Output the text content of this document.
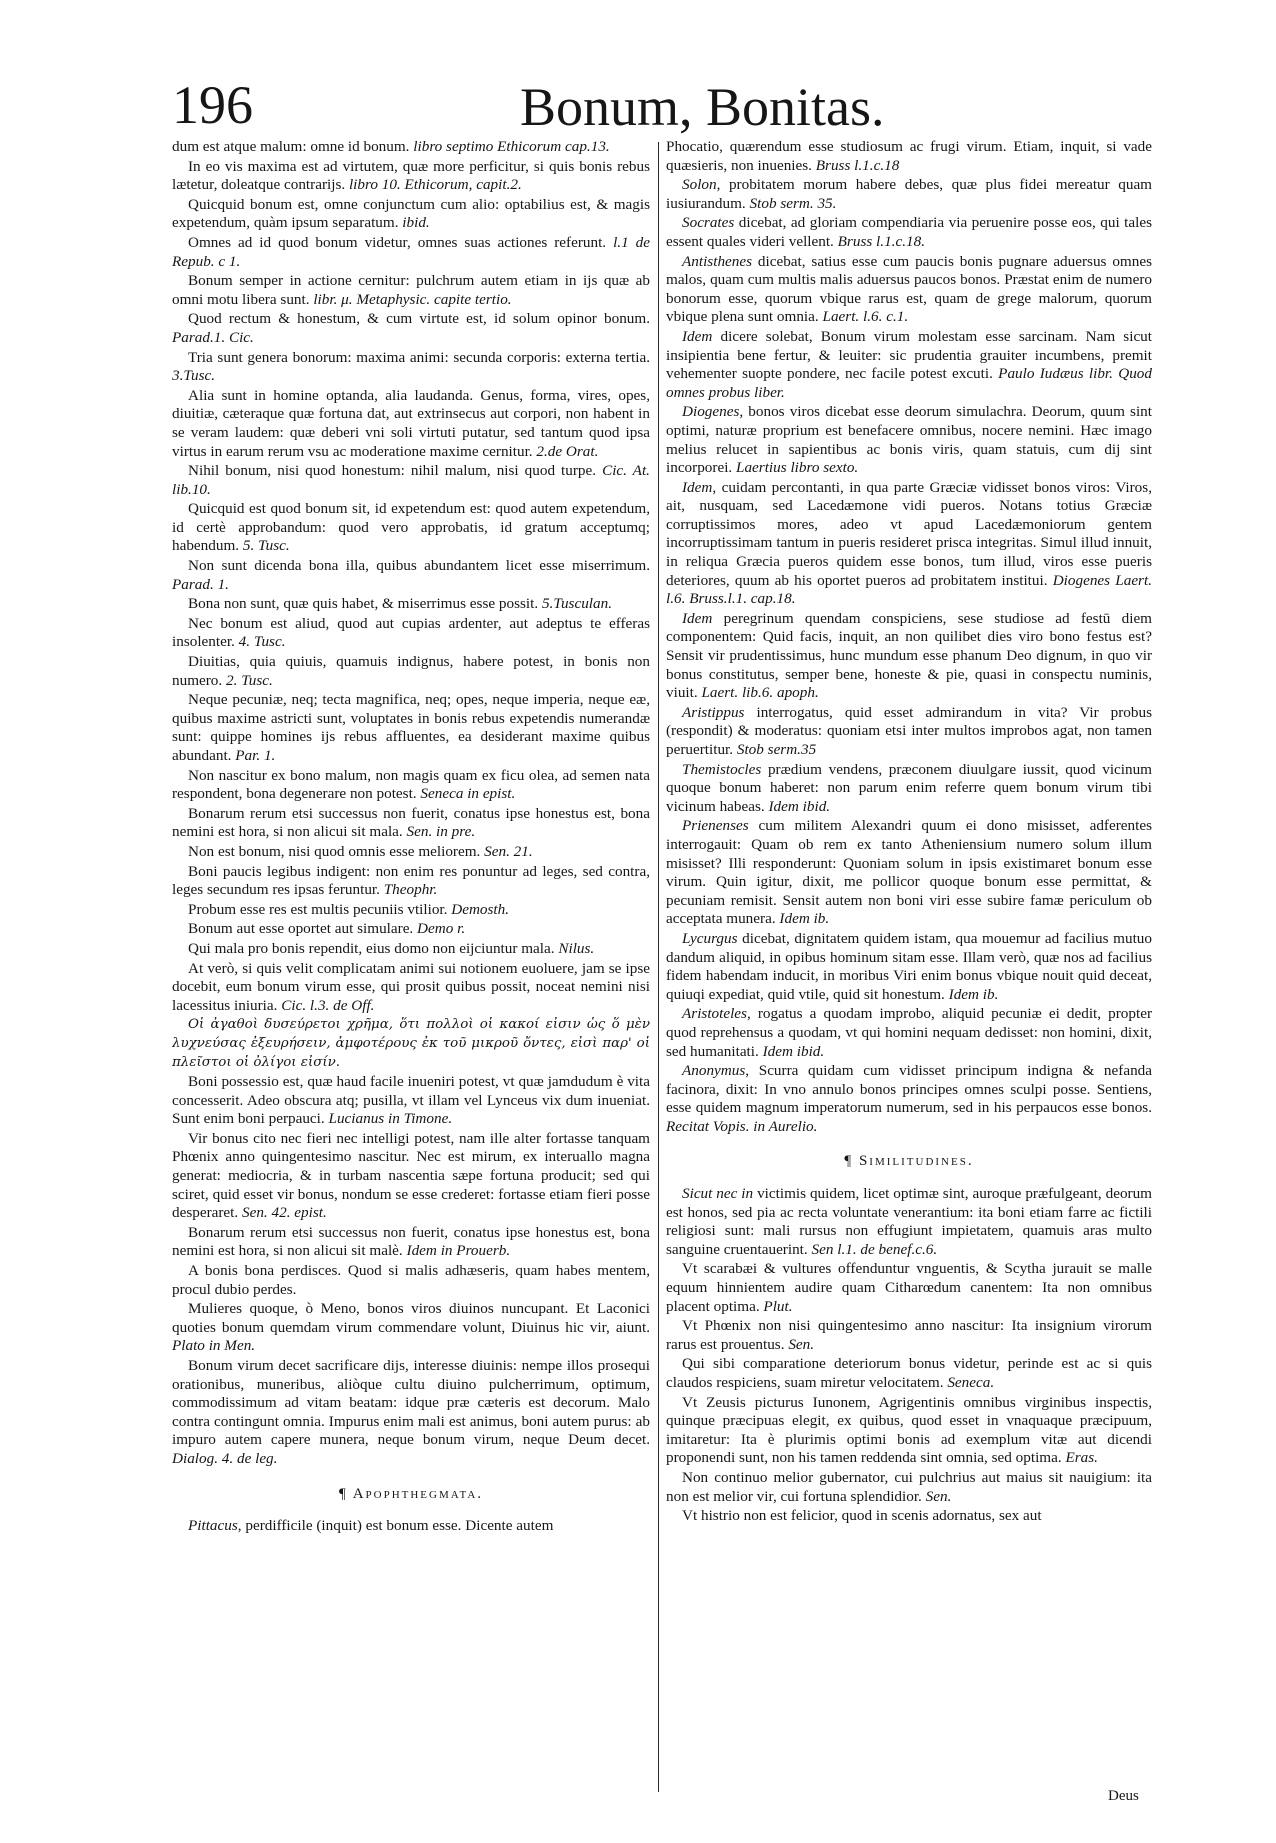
196	Bonum, Bonitas.

dum est atque malum: omne id bonum. libro septimo Ethicorum cap.13.

In eo vis maxima est ad virtutem, quæ more perficitur, si quis bonis rebus lætetur, doleatque contrarijs. libro 10. Ethicorum, capit.2.

Quicquid bonum est, omne conjunctum cum alio: optabilius est, & magis expetendum, quàm ipsum separatum. ibid.

Omnes ad id quod bonum videtur, omnes suas actiones referunt. l.1 de Repub. c 1.

Bonum semper in actione cernitur: pulchrum autem etiam in ijs quæ ab omni motu libera sunt. libr. μ. Metaphysic. capite tertio.

Quod rectum & honestum, & cum virtute est, id solum opinor bonum. Parad.1. Cic.

Tria sunt genera bonorum: maxima animi: secunda corporis: externa tertia. 3.Tusc.

Alia sunt in homine optanda, alia laudanda. Genus, forma, vires, opes, diuitiæ, cæteraque quæ fortuna dat, aut extrinsecus aut corpori, non habent in se veram laudem: quæ deberi vni soli virtuti putatur, sed tantum quod ipsa virtus in earum rerum vsu ac moderatione maxime cernitur. 2.de Orat.

Nihil bonum, nisi quod honestum: nihil malum, nisi quod turpe. Cic. At. lib.10.

Quicquid est quod bonum sit, id expetendum est: quod autem expetendum, id certè approbandum: quod vero approbatis, id gratum acceptumq; habendum. 5. Tusc.

Non sunt dicenda bona illa, quibus abundantem licet esse miserrimum. Parad. 1.

Bona non sunt, quæ quis habet, & miserrimus esse possit. 5.Tusculan.

Nec bonum est aliud, quod aut cupias ardenter, aut adeptus te efferas insolenter. 4. Tusc.

Diuitias, quia quiuis, quamuis indignus, habere potest, in bonis non numero. 2. Tusc.

Neque pecuniæ, neq; tecta magnifica, neq; opes, neque imperia, neque eæ, quibus maxime astricti sunt, voluptates in bonis rebus expetendis numerandæ sunt: quippe homines ijs rebus affluentes, ea desiderant maxime quibus abundant. Par. 1.

Non nascitur ex bono malum, non magis quam ex ficu olea, ad semen nata respondent, bona degenerare non potest. Seneca in epist.

Bonarum rerum etsi successus non fuerit, conatus ipse honestus est, bona nemini est hora, si non alicui sit mala. Sen. in pre.

Non est bonum, nisi quod omnis esse meliorem. Sen. 21.

Boni paucis legibus indigent: non enim res ponuntur ad leges, sed contra, leges secundum res ipsas feruntur. Theophr.

Probum esse res est multis pecuniis vtilior. Demosth.

Bonum aut esse oportet aut simulare. Demo r.

Qui mala pro bonis rependit, eius domo non eijciuntur mala. Nilus.

At verò, si quis velit complicatam animi sui notionem euoluere, jam se ipse docebit, eum bonum virum esse, qui prosit quibus possit, noceat nemini nisi lacessitus iniuria. Cic. l.3. de Off.

Οἱ ἀγαθοὶ δυσεύρετοι χρῆμα, ὅτι πολλοὶ οἱ κακοί εἰσιν ὡς ὅ μὲν λυχνεύσας ἐξευρήσειν, ἀμφοτέρους ἐκ τοῦ μικροῦ ὄντες, εἰσὶ παρ' οἱ πλεῖστοι οἱ ὀλίγοι εἰσίν.

Boni possessio est, quæ haud facile inueniri potest, vt quæ jamdudum è vita concesserit. Adeo obscura atq; pusilla, vt illam vel Lynceus vix dum inueniat. Sunt enim boni perpauci. Lucianus in Timone.

Vir bonus cito nec fieri nec intelligi potest, nam ille alter fortasse tanquam Phœnix anno quingentesimo nascitur. Nec est mirum, ex interuallo magna generat: mediocria, & in turbam nascentia sæpe fortuna producit; sed qui sciret, quid esset vir bonus, nondum se esse crederet: fortasse etiam fieri posse desperaret. Sen. 42. epist.

Bonarum rerum etsi successus non fuerit, conatus ipse honestus est, bona nemini est hora, si non alicui sit malè. Idem in Prouerb.

A bonis bona perdisces. Quod si malis adhæseris, quam habes mentem, procul dubio perdes.

Mulieres quoque, ò Meno, bonos viros diuinos nuncupant. Et Laconici quoties bonum quemdam virum commendare volunt, Diuinus hic vir, aiunt. Plato in Men.

Bonum virum decet sacrificare dijs, interesse diuinis: nempe illos prosequi orationibus, muneribus, aliòque cultu diuino pulcherrimum, optimum, commodissimum ad vitam beatam: idque præ cæteris est decorum. Malo contra contingunt omnia. Impurus enim mali est animus, boni autem purus: ab impuro autem capere munera, neque bonum virum, neque Deum decet. Dialog. 4. de leg.

¶ Apophthegmata.

Pittacus, perdifficile (inquit) est bonum esse. Dicente autem

Phocatio, quærendum esse studiosum ac frugi virum. Etiam, inquit, si vade quæsieris, non inuenies. Bruss l.1.c.18

Solon, probitatem morum habere debes, quæ plus fidei mereatur quam iusiurandum. Stob serm. 35.

Socrates dicebat, ad gloriam compendiaria via peruenire posse eos, qui tales essent quales videri vellent. Bruss l.1.c.18.

Antisthenes dicebat, satius esse cum paucis bonis pugnare aduersus omnes malos, quam cum multis malis aduersus paucos bonos. Præstat enim de numero bonorum esse, quorum vbique rarus est, quam de grege malorum, quorum vbique plena sunt omnia. Laert. l.6. c.1.

Idem dicere solebat, Bonum virum molestam esse sarcinam. Nam sicut insipientia bene fertur, & leuiter: sic prudentia grauiter incumbens, premit vehementer suopte pondere, nec facile potest excuti. Paulo Iudæus libr. Quod omnes probus liber.

Diogenes, bonos viros dicebat esse deorum simulachra. Deorum, quum sint optimi, naturæ proprium est benefacere omnibus, nocere nemini. Hæc imago melius relucet in sapientibus ac bonis viris, quam statuis, cum dij sint incorporei. Laertius libro sexto.

Idem, cuidam percontanti, in qua parte Græciæ vidisset bonos viros: Viros, ait, nusquam, sed Lacedæmone vidi pueros. Notans totius Græciæ corruptissimos mores, adeo vt apud Lacedæmoniorum gentem incorruptissimam tantum in pueris resideret prisca integritas. Simul illud innuit, in reliqua Græcia pueros quidem esse bonos, tum illud, viros esse pueris deteriores, quum ab his oportet pueros ad probitatem institui. Diogenes Laert. l.6. Bruss.l.1. cap.18.

Idem peregrinum quendam conspiciens, sese studiose ad festū diem componentem: Quid facis, inquit, an non quilibet dies viro bono festus est? Sensit vir prudentissimus, hunc mundum esse phanum Deo dignum, in quo vir bonus constitutus, semper bene, honeste & pie, quasi in conspectu numinis, viuit. Laert. lib.6. apoph.

Aristippus interrogatus, quid esset admirandum in vita? Vir probus (respondit) & moderatus: quoniam etsi inter multos improbos agat, non tamen peruertitur. Stob serm.35

Themistocles prædium vendens, præconem diuulgare iussit, quod vicinum quoque bonum haberet: non parum enim referre quem bonum virum tibi vicinum habeas. Idem ibid.

Prienenses cum militem Alexandri quum ei dono misisset, adferentes interrogauit: Quam ob rem ex tanto Atheniensium numero solum illum misisset? Illi responderunt: Quoniam solum in ipsis existimaret bonum esse virum. Quin igitur, dixit, me pollicor quoque bonum esse permittat, & pecuniam remisit. Sensit autem non boni viri esse subire famæ periculum ob acceptata munera. Idem ib.

Lycurgus dicebat, dignitatem quidem istam, qua mouemur ad facilius mutuo dandum aliquid, in opibus hominum sitam esse. Illam verò, quæ nos ad facilius fidem habendam inducit, in moribus Viri enim bonus vbique nouit quid deceat, quiuqi expediat, quid vtile, quid sit honestum. Idem ib.

Aristoteles, rogatus a quodam improbo, aliquid pecuniæ ei dedit, propter quod reprehensus a quodam, vt qui homini nequam dedisset: non homini, dixit, sed humanitati. Idem ibid.

Anonymus, Scurra quidam cum vidisset principum indigna & nefanda facinora, dixit: In vno annulo bonos principes omnes sculpi posse. Sentiens, esse quidem magnum imperatorum numerum, sed in his perpaucos esse bonos. Recitat Vopis. in Aurelio.

¶ Similitudines.

Sicut nec in victimis quidem, licet optimæ sint, auroque præfulgeant, deorum est honos, sed pia ac recta voluntate venerantium: ita boni etiam farre ac fictili religiosi sunt: mali rursus non effugiunt impietatem, quamuis aras multo sanguine cruentauerint. Sen l.1. de benef.c.6.

Vt scarabæi & vultures offenduntur vnguentis, & Scytha jurauit se malle equum hinnientem audire quam Citharœdum canentem: Ita non omnibus placent optima. Plut.

Vt Phœnix non nisi quingentesimo anno nascitur: Ita insignium virorum rarus est prouentus. Sen.

Qui sibi comparatione deteriorum bonus videtur, perinde est ac si quis claudos respiciens, suam miretur velocitatem. Seneca.

Vt Zeusis picturus Iunonem, Agrigentinis omnibus virginibus inspectis, quinque præcipuas elegit, ex quibus, quod esset in vnaquaque præcipuum, imitaretur: Ita è plurimis optimi bonis ad exemplum vitæ aut dicendi proponendi sunt, non his tamen reddenda sint omnia, sed optima. Eras.

Non continuo melior gubernator, cui pulchrius aut maius sit nauigium: ita non est melior vir, cui fortuna splendidior. Sen.

Vt histrio non est felicior, quod in scenis adornatus, sex aut

Deus
